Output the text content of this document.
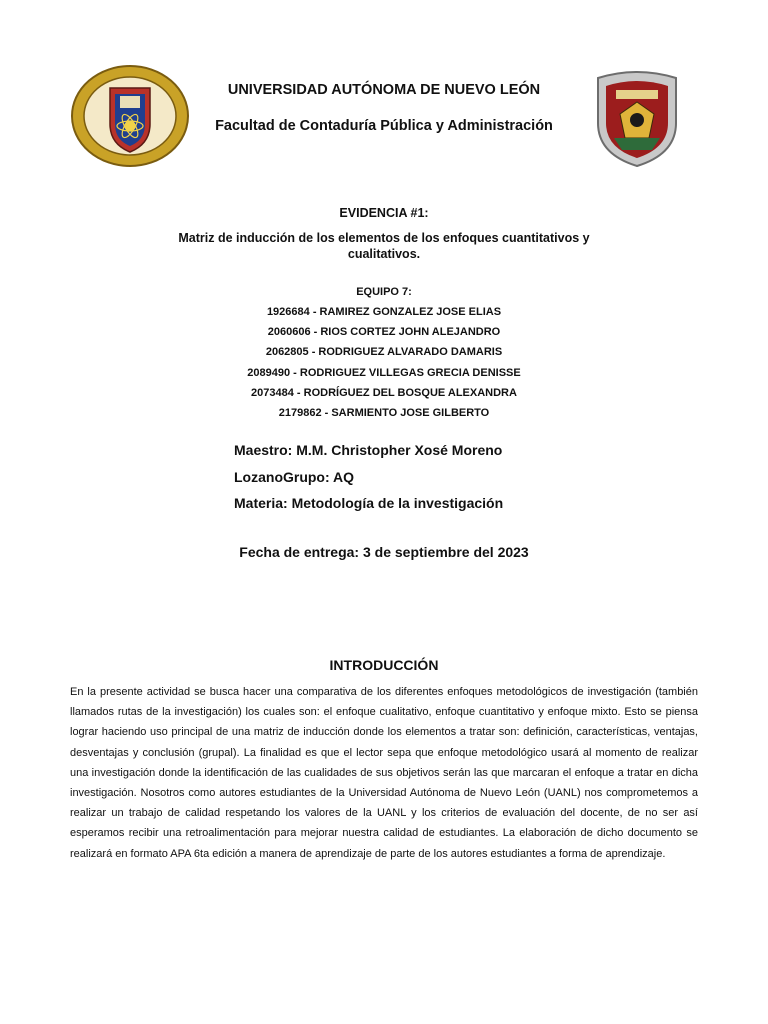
UNIVERSIDAD AUTÓNOMA DE NUEVO LEÓN
Facultad de Contaduría Pública y Administración
EVIDENCIA #1:
Matriz de inducción de los elementos de los enfoques cuantitativos y cualitativos.
EQUIPO 7:
1926684 - RAMIREZ GONZALEZ JOSE ELIAS
2060606 - RIOS CORTEZ JOHN ALEJANDRO
2062805 - RODRIGUEZ ALVARADO DAMARIS
2089490 - RODRIGUEZ VILLEGAS GRECIA DENISSE
2073484 - RODRÍGUEZ DEL BOSQUE ALEXANDRA
2179862 - SARMIENTO JOSE GILBERTO
Maestro: M.M. Christopher Xosé Moreno
LozanoGrupo: AQ
Materia: Metodología de la investigación
Fecha de entrega: 3 de septiembre del 2023
INTRODUCCIÓN

En la presente actividad se busca hacer una comparativa de los diferentes enfoques metodológicos de investigación (también llamados rutas de la investigación) los cuales son: el enfoque cualitativo, enfoque cuantitativo y enfoque mixto. Esto se piensa lograr haciendo uso principal de una matriz de inducción donde los elementos a tratar son: definición, características, ventajas, desventajas y conclusión (grupal). La finalidad es que el lector sepa que enfoque metodológico usará al momento de realizar una investigación donde la identificación de las cualidades de sus objetivos serán las que marcaran el enfoque a tratar en dicha investigación. Nosotros como autores estudiantes de la Universidad Autónoma de Nuevo León (UANL) nos comprometemos a realizar un trabajo de calidad respetando los valores de la UANL y los criterios de evaluación del docente, de no ser así esperamos recibir una retroalimentación para mejorar nuestra calidad de estudiantes. La elaboración de dicho documento se realizará en formato APA 6ta edición a manera de aprendizaje de parte de los autores estudiantes a forma de aprendizaje.
